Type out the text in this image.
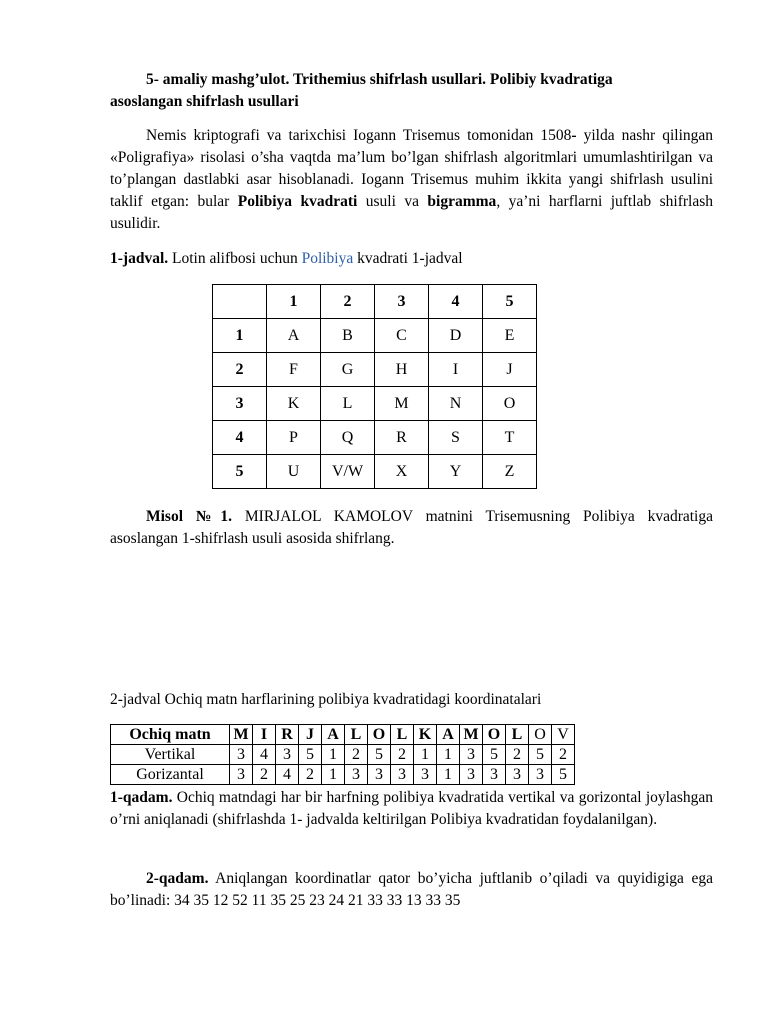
5- amaliy mashg’ulot. Trithemius shifrlash usullari. Polibiy kvadratiga
asoslangan shifrlash usullari

Nemis kriptografi va tarixchisi Iogann Trisemus tomonidan 1508- yilda nashr qilingan «Poligrafiya» risolasi o’sha vaqtda ma’lum bo’lgan shifrlash algoritmlari umumlashtirilgan va to’plangan dastlabki asar hisoblanadi. Iogann Trisemus muhim ikkita yangi shifrlash usulini taklif etgan: bular Polibiya kvadrati usuli va bigramma, ya’ni harflarni juftlab shifrlash usulidir.

1-jadval. Lotin alifbosi uchun Polibiya kvadrati 1-jadval

	1	2	3	4	5
1	A	B	C	D	E
2	F	G	H	I	J
3	K	L	M	N	O
4	P	Q	R	S	T
5	U	V/W	X	Y	Z

Misol №1. MIRJALOL KAMOLOV matnini Trisemusning Polibiya kvadratiga asoslangan 1-shifrlash usuli asosida shifrlang.

2-jadval Ochiq matn harflarining polibiya kvadratidagi koordinatalari

Ochiq matn	M	I	R	J	A	L	O	L	K	A	M	O	L	O	V
Vertikal	3	4	3	5	1	2	5	2	1	1	3	5	2	5	2
Gorizantal	3	2	4	2	1	3	3	3	3	1	3	3	3	3	5

1-qadam. Ochiq matndagi har bir harfning polibiya kvadratida vertikal va gorizontal joylashgan o’rni aniqlanadi (shifrlashda 1- jadvalda keltirilgan Polibiya kvadratidan foydalanilgan).

2-qadam. Aniqlangan koordinatlar qator bo’yicha juftlanib o’qiladi va quyidigiga ega bo’linadi: 34 35 12 52 11 35 25 23 24 21 33 33 13 33 35
